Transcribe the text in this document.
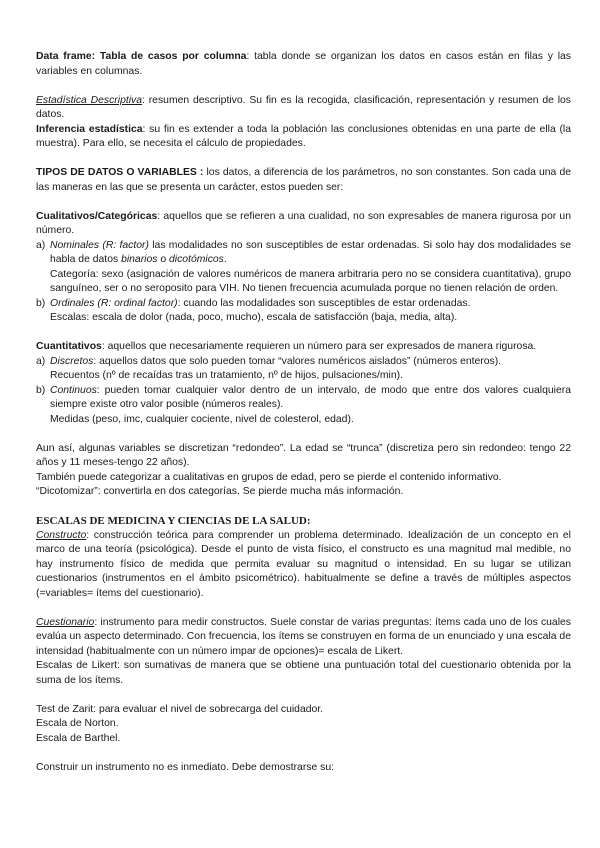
Data frame: Tabla de casos por columna: tabla donde se organizan los datos en casos están en filas y las variables en columnas.

Estadística Descriptiva: resumen descriptivo. Su fin es la recogida, clasificación, representación y resumen de los datos.

Inferencia estadística: su fin es extender a toda la población las conclusiones obtenidas en una parte de ella (la muestra). Para ello, se necesita el cálculo de propiedades.

TIPOS DE DATOS O VARIABLES : los datos, a diferencia de los parámetros, no son constantes. Son cada una de las maneras en las que se presenta un carácter, estos pueden ser:

Cualitativos/Categóricas: aquellos que se refieren a una cualidad, no son expresables de manera rigurosa por un número.

a) Nominales (R: factor) las modalidades no son susceptibles de estar ordenadas. Si solo hay dos modalidades se habla de datos binarios o dicotómicos.

Categoría: sexo (asignación de valores numéricos de manera arbitraria pero no se considera cuantitativa), grupo sanguíneo, ser o no seroposito para VIH. No tienen frecuencia acumulada porque no tienen relación de orden.

b) Ordinales (R: ordinal factor): cuando las modalidades son susceptibles de estar ordenadas.

Escalas: escala de dolor (nada, poco, mucho), escala de satisfacción (baja, media, alta).

Cuantitativos: aquellos que necesariamente requieren un número para ser expresados de manera rigurosa.

a) Discretos: aquellos datos que solo pueden tomar “valores numéricos aislados” (números enteros).

Recuentos (nº de recaídas tras un tratamiento, nº de hijos, pulsaciones/min).

b) Continuos: pueden tomar cualquier valor dentro de un intervalo, de modo que entre dos valores cualquiera siempre existe otro valor posible (números reales).

Medidas (peso, imc, cualquier cociente, nivel de colesterol, edad).

Aun así, algunas variables se discretizan “redondeo”. La edad se “trunca” (discretiza pero sin redondeo: tengo 22 años y 11 meses-tengo 22 años).

También puede categorizar a cualitativas en grupos de edad, pero se pierde el contenido informativo.

“Dicotomizar”: convertirla en dos categorías. Se pierde mucha más información.

ESCALAS DE MEDICINA Y CIENCIAS DE LA SALUD:

Constructo: construcción teórica para comprender un problema determinado. Idealización de un concepto en el marco de una teoría (psicológica). Desde el punto de vista físico, el constructo es una magnitud mal medible, no hay instrumento físico de medida que permita evaluar su magnitud o intensidad. En su lugar se utilizan cuestionarios (instrumentos en el ámbito psicométrico). habitualmente se define a través de múltiples aspectos (=variables= ítems del cuestionario).

Cuestionario: instrumento para medir constructos. Suele constar de varias preguntas: ítems cada uno de los cuales evalúa un aspecto determinado. Con frecuencia, los ítems se construyen en forma de un enunciado y una escala de intensidad (habitualmente con un número impar de opciones)= escala de Likert.

Escalas de Likert: son sumativas de manera que se obtiene una puntuación total del cuestionario obtenida por la suma de los ítems.

Test de Zarit: para evaluar el nivel de sobrecarga del cuidador.

Escala de Norton.

Escala de Barthel.

Construir un instrumento no es inmediato. Debe demostrarse su:
